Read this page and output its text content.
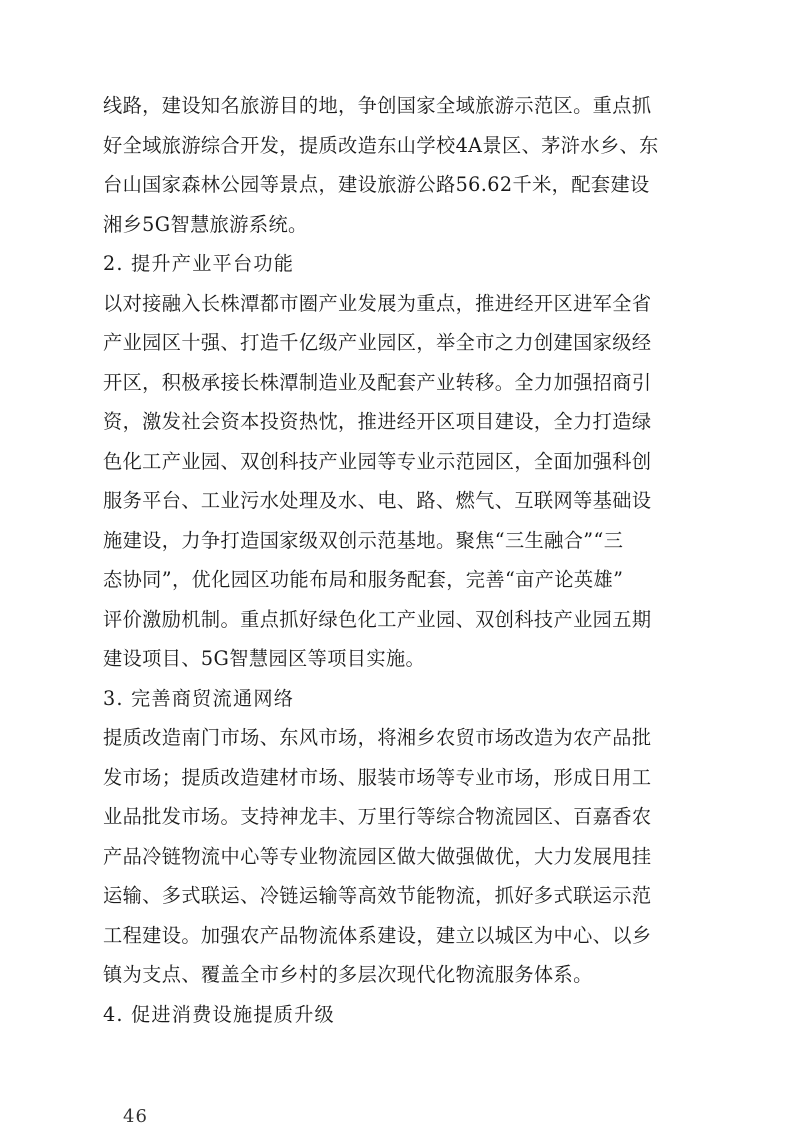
线路，建设知名旅游目的地，争创国家全域旅游示范区。重点抓
好全域旅游综合开发，提质改造东山学校4A景区、茅浒水乡、东
台山国家森林公园等景点，建设旅游公路56.62千米，配套建设
湘乡5G智慧旅游系统。
2. 提升产业平台功能
以对接融入长株潭都市圈产业发展为重点，推进经开区进军全省
产业园区十强、打造千亿级产业园区，举全市之力创建国家级经
开区，积极承接长株潭制造业及配套产业转移。全力加强招商引
资，激发社会资本投资热忱，推进经开区项目建设，全力打造绿
色化工产业园、双创科技产业园等专业示范园区，全面加强科创
服务平台、工业污水处理及水、电、路、燃气、互联网等基础设
施建设，力争打造国家级双创示范基地。聚焦“三生融合”“三
态协同”，优化园区功能布局和服务配套，完善“亩产论英雄”
评价激励机制。重点抓好绿色化工产业园、双创科技产业园五期
建设项目、5G智慧园区等项目实施。
3. 完善商贸流通网络
提质改造南门市场、东风市场，将湘乡农贸市场改造为农产品批
发市场；提质改造建材市场、服装市场等专业市场，形成日用工
业品批发市场。支持神龙丰、万里行等综合物流园区、百嘉香农
产品冷链物流中心等专业物流园区做大做强做优，大力发展甩挂
运输、多式联运、冷链运输等高效节能物流，抓好多式联运示范
工程建设。加强农产品物流体系建设，建立以城区为中心、以乡
镇为支点、覆盖全市乡村的多层次现代化物流服务体系。
4. 促进消费设施提质升级
46
